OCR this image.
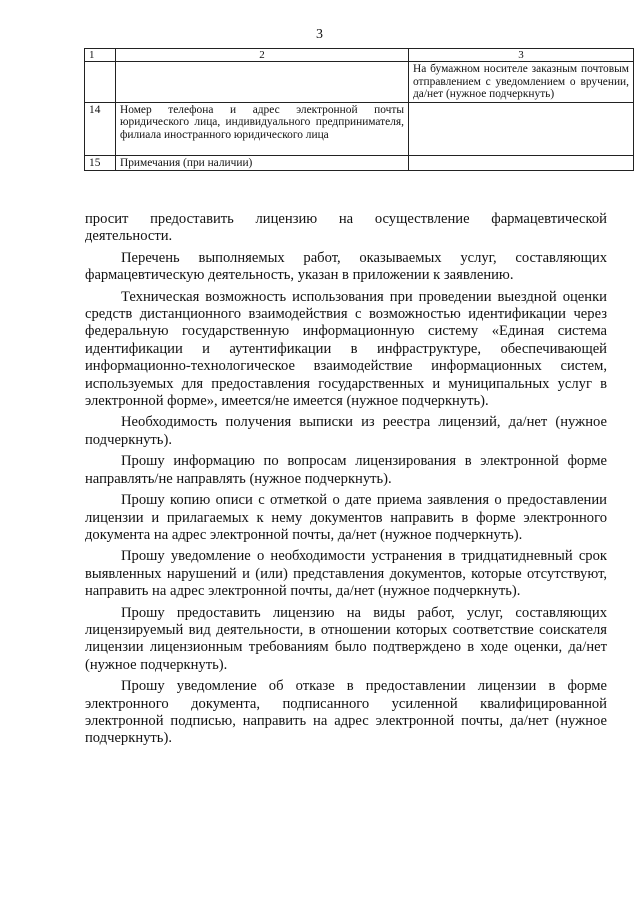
3
1	2	3
		На бумажном носителе заказным почтовым отправлением с уведомлением о вручении, да/нет (нужное подчеркнуть)
14	Номер телефона и адрес электронной почты юридического лица, индивидуального предпринимателя, филиала иностранного юридического лица	
15	Примечания (при наличии)	

просит предоставить лицензию на осуществление фармацевтической деятельности.

Перечень выполняемых работ, оказываемых услуг, составляющих фармацевтическую деятельность, указан в приложении к заявлению.

Техническая возможность использования при проведении выездной оценки средств дистанционного взаимодействия с возможностью идентификации через федеральную государственную информационную систему «Единая система идентификации и аутентификации в инфраструктуре, обеспечивающей информационно-технологическое взаимодействие информационных систем, используемых для предоставления государственных и муниципальных услуг в электронной форме», имеется/не имеется (нужное подчеркнуть).

Необходимость получения выписки из реестра лицензий, да/нет (нужное подчеркнуть).

Прошу информацию по вопросам лицензирования в электронной форме направлять/не направлять (нужное подчеркнуть).

Прошу копию описи с отметкой о дате приема заявления о предоставлении лицензии и прилагаемых к нему документов направить в форме электронного документа на адрес электронной почты, да/нет (нужное подчеркнуть).

Прошу уведомление о необходимости устранения в тридцатидневный срок выявленных нарушений и (или) представления документов, которые отсутствуют, направить на адрес электронной почты, да/нет (нужное подчеркнуть).

Прошу предоставить лицензию на виды работ, услуг, составляющих лицензируемый вид деятельности, в отношении которых соответствие соискателя лицензии лицензионным требованиям было подтверждено в ходе оценки, да/нет (нужное подчеркнуть).

Прошу уведомление об отказе в предоставлении лицензии в форме электронного документа, подписанного усиленной квалифицированной электронной подписью, направить на адрес электронной почты, да/нет (нужное подчеркнуть).
